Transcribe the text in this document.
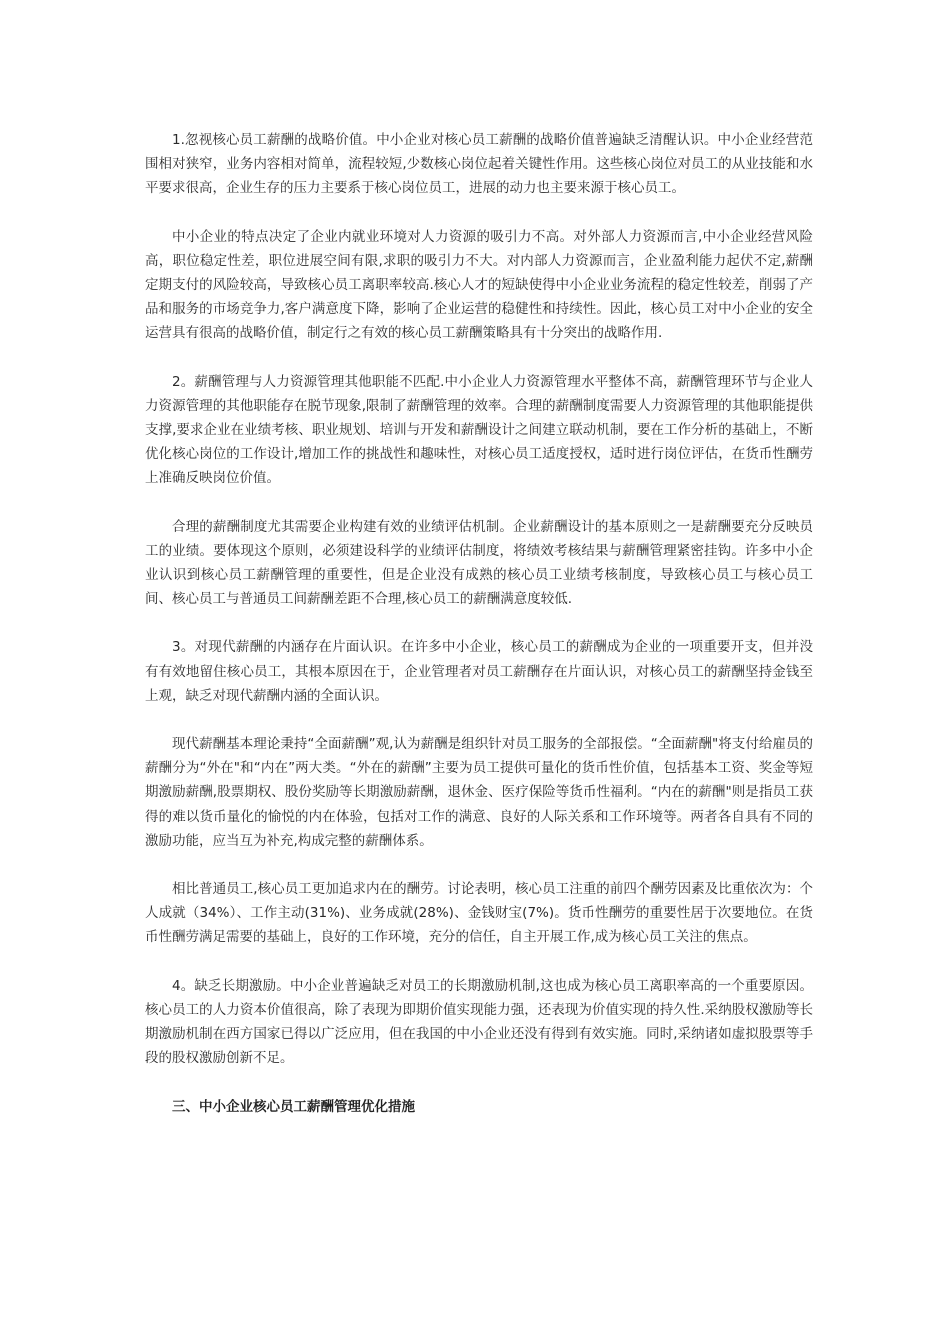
1.忽视核心员工薪酬的战略价值。中小企业对核心员工薪酬的战略价值普遍缺乏清醒认识。中小企业经营范围相对狭窄，业务内容相对简单，流程较短,少数核心岗位起着关键性作用。这些核心岗位对员工的从业技能和水平要求很高，企业生存的压力主要系于核心岗位员工，进展的动力也主要来源于核心员工。

中小企业的特点决定了企业内就业环境对人力资源的吸引力不高。对外部人力资源而言,中小企业经营风险高，职位稳定性差，职位进展空间有限,求职的吸引力不大。对内部人力资源而言，企业盈利能力起伏不定,薪酬定期支付的风险较高，导致核心员工离职率较高.核心人才的短缺使得中小企业业务流程的稳定性较差，削弱了产品和服务的市场竞争力,客户满意度下降，影响了企业运营的稳健性和持续性。因此，核心员工对中小企业的安全运营具有很高的战略价值，制定行之有效的核心员工薪酬策略具有十分突出的战略作用.

2。薪酬管理与人力资源管理其他职能不匹配.中小企业人力资源管理水平整体不高，薪酬管理环节与企业人力资源管理的其他职能存在脱节现象,限制了薪酬管理的效率。合理的薪酬制度需要人力资源管理的其他职能提供支撑,要求企业在业绩考核、职业规划、培训与开发和薪酬设计之间建立联动机制，要在工作分析的基础上，不断优化核心岗位的工作设计,增加工作的挑战性和趣味性，对核心员工适度授权，适时进行岗位评估，在货币性酬劳上准确反映岗位价值。

合理的薪酬制度尤其需要企业构建有效的业绩评估机制。企业薪酬设计的基本原则之一是薪酬要充分反映员工的业绩。要体现这个原则，必须建设科学的业绩评估制度，将绩效考核结果与薪酬管理紧密挂钩。许多中小企业认识到核心员工薪酬管理的重要性，但是企业没有成熟的核心员工业绩考核制度，导致核心员工与核心员工间、核心员工与普通员工间薪酬差距不合理,核心员工的薪酬满意度较低.

3。对现代薪酬的内涵存在片面认识。在许多中小企业，核心员工的薪酬成为企业的一项重要开支，但并没有有效地留住核心员工，其根本原因在于，企业管理者对员工薪酬存在片面认识，对核心员工的薪酬坚持金钱至上观，缺乏对现代薪酬内涵的全面认识。

现代薪酬基本理论秉持“全面薪酬”观,认为薪酬是组织针对员工服务的全部报偿。“全面薪酬"将支付给雇员的薪酬分为“外在"和“内在”两大类。“外在的薪酬”主要为员工提供可量化的货币性价值，包括基本工资、奖金等短期激励薪酬,股票期权、股份奖励等长期激励薪酬，退休金、医疗保险等货币性福利。“内在的薪酬"则是指员工获得的难以货币量化的愉悦的内在体验，包括对工作的满意、良好的人际关系和工作环境等。两者各自具有不同的激励功能，应当互为补充,构成完整的薪酬体系。

相比普通员工,核心员工更加追求内在的酬劳。讨论表明，核心员工注重的前四个酬劳因素及比重依次为：个人成就（34%）、工作主动(31%)、业务成就(28%)、金钱财宝(7%)。货币性酬劳的重要性居于次要地位。在货币性酬劳满足需要的基础上，良好的工作环境，充分的信任，自主开展工作,成为核心员工关注的焦点。

4。缺乏长期激励。中小企业普遍缺乏对员工的长期激励机制,这也成为核心员工离职率高的一个重要原因。核心员工的人力资本价值很高，除了表现为即期价值实现能力强，还表现为价值实现的持久性.采纳股权激励等长期激励机制在西方国家已得以广泛应用，但在我国的中小企业还没有得到有效实施。同时,采纳诸如虚拟股票等手段的股权激励创新不足。

三、中小企业核心员工薪酬管理优化措施
